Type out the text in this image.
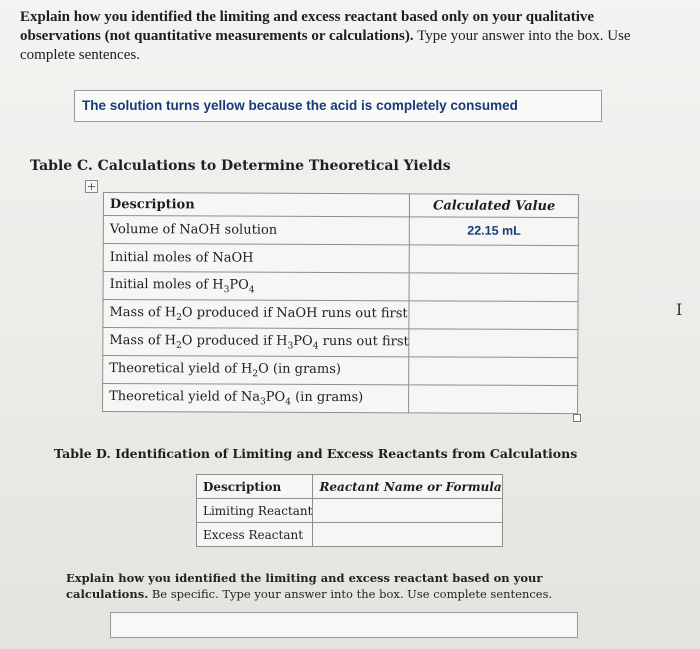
Explain how you identified the limiting and excess reactant based only on your qualitative observations (not quantitative measurements or calculations). Type your answer into the box. Use complete sentences.
The solution turns yellow because the acid is completely consumed
Table C. Calculations to Determine Theoretical Yields
+
Description	Calculated Value
Volume of NaOH solution	22.15 mL
Initial moles of NaOH	
Initial moles of $H_3PO_4$	
Mass of $H_2O$ produced if NaOH runs out first	
Mass of $H_2O$ produced if $H_3PO_4$ runs out first	
Theoretical yield of $H_2O$ (in grams)	
Theoretical yield of $Na_3PO_4$ (in grams)	
Table D. Identification of Limiting and Excess Reactants from Calculations
Description	Reactant Name or Formula
Limiting Reactant	
Excess Reactant	
Explain how you identified the limiting and excess reactant based on your calculations. Be specific. Type your answer into the box. Use complete sentences.
I
